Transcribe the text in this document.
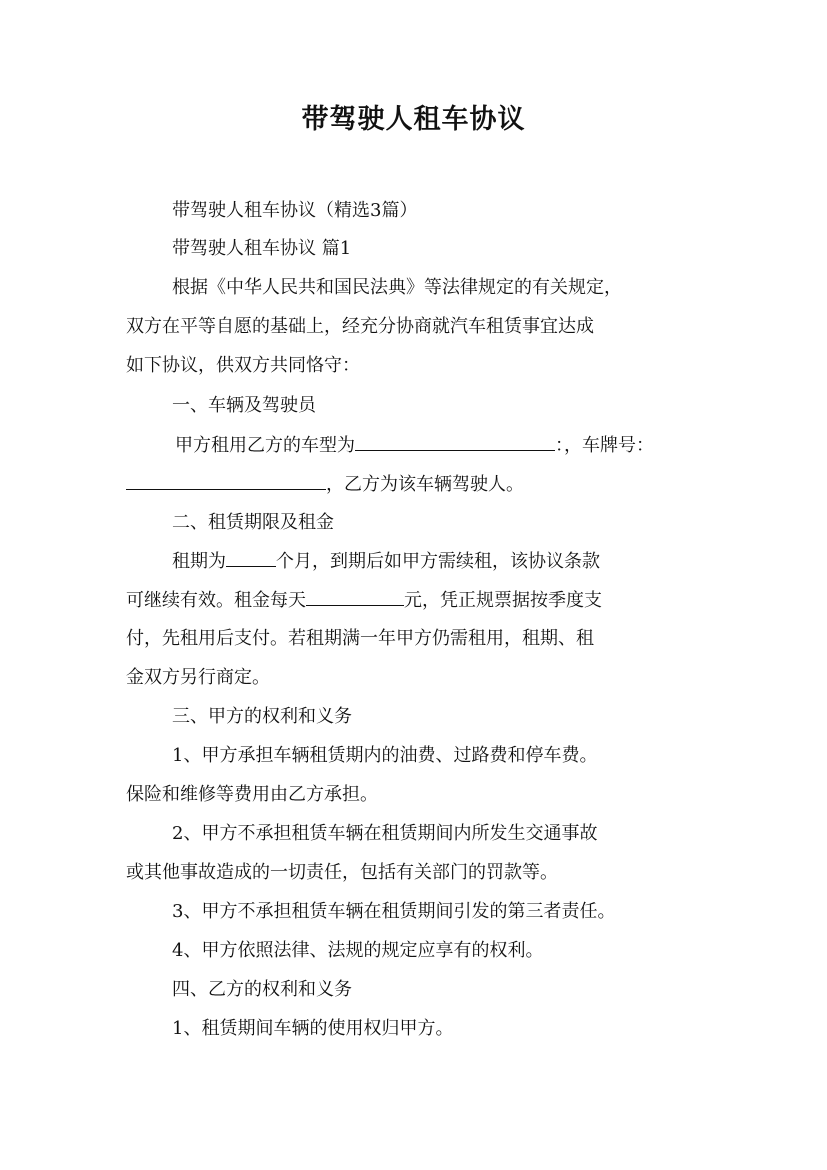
带驾驶人租车协议
带驾驶人租车协议（精选3篇）
带驾驶人租车协议 篇1
根据《中华人民共和国民法典》等法律规定的有关规定，
双方在平等自愿的基础上，经充分协商就汽车租赁事宜达成
如下协议，供双方共同恪守：
一、车辆及驾驶员
甲方租用乙方的车型为	：，车牌号：
，乙方为该车辆驾驶人。
二、租赁期限及租金
租期为	个月，到期后如甲方需续租，该协议条款
可继续有效。租金每天	元，凭正规票据按季度支
付，先租用后支付。若租期满一年甲方仍需租用，租期、租
金双方另行商定。
三、甲方的权利和义务
1、甲方承担车辆租赁期内的油费、过路费和停车费。
保险和维修等费用由乙方承担。
2、甲方不承担租赁车辆在租赁期间内所发生交通事故
或其他事故造成的一切责任，包括有关部门的罚款等。
3、甲方不承担租赁车辆在租赁期间引发的第三者责任。
4、甲方依照法律、法规的规定应享有的权利。
四、乙方的权利和义务
1、租赁期间车辆的使用权归甲方。
